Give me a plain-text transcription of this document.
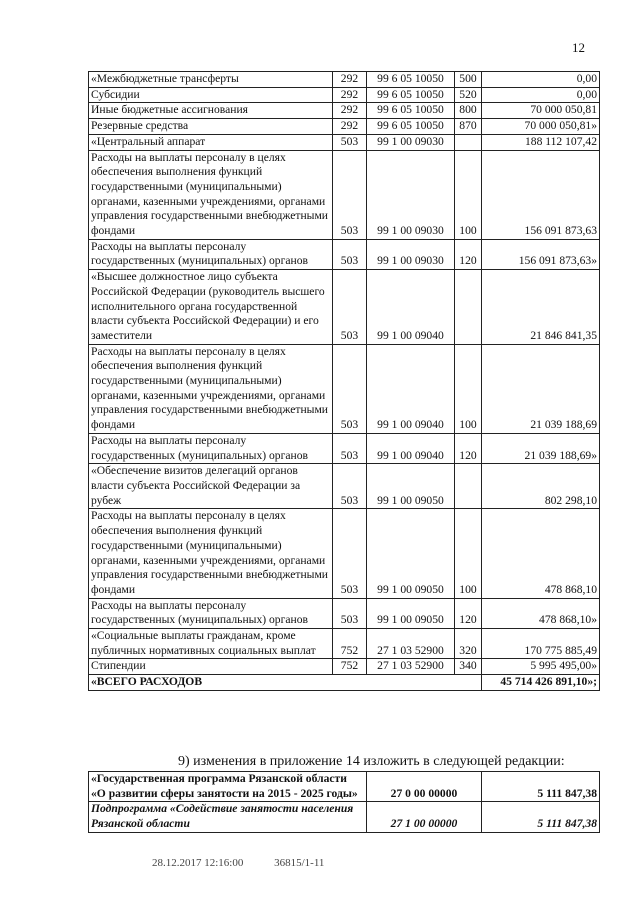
12
«Межбюджетные трансферты	292	99 6 05 10050	500	0,00
Субсидии	292	99 6 05 10050	520	0,00
Иные бюджетные ассигнования	292	99 6 05 10050	800	70 000 050,81
Резервные средства	292	99 6 05 10050	870	70 000 050,81»
«Центральный аппарат	503	99 1 00 09030		188 112 107,42
Расходы на выплаты персоналу в целях обеспечения выполнения функций государственными (муниципальными) органами, казенными учреждениями, органами управления государственными внебюджетными фондами	503	99 1 00 09030	100	156 091 873,63
Расходы на выплаты персоналу государственных (муниципальных) органов	503	99 1 00 09030	120	156 091 873,63»
«Высшее должностное лицо субъекта Российской Федерации (руководитель высшего исполнительного органа государственной власти субъекта Российской Федерации) и его заместители	503	99 1 00 09040		21 846 841,35
Расходы на выплаты персоналу в целях обеспечения выполнения функций государственными (муниципальными) органами, казенными учреждениями, органами управления государственными внебюджетными фондами	503	99 1 00 09040	100	21 039 188,69
Расходы на выплаты персоналу государственных (муниципальных) органов	503	99 1 00 09040	120	21 039 188,69»
«Обеспечение визитов делегаций органов власти субъекта Российской Федерации за рубеж	503	99 1 00 09050		802 298,10
Расходы на выплаты персоналу в целях обеспечения выполнения функций государственными (муниципальными) органами, казенными учреждениями, органами управления государственными внебюджетными фондами	503	99 1 00 09050	100	478 868,10
Расходы на выплаты персоналу государственных (муниципальных) органов	503	99 1 00 09050	120	478 868,10»
«Социальные выплаты гражданам, кроме публичных нормативных социальных выплат	752	27 1 03 52900	320	170 775 885,49
Стипендии	752	27 1 03 52900	340	5 995 495,00»
«ВСЕГО РАСХОДОВ				45 714 426 891,10»;
9) изменения в приложение 14 изложить в следующей редакции:
«Государственная программа Рязанской области «О развитии сферы занятости на 2015 - 2025 годы»	27 0 00 00000	5 111 847,38
Подпрограмма «Содействие занятости населения Рязанской области	27 1 00 00000	5 111 847,38
28.12.2017 12:16:00	36815/1-11
